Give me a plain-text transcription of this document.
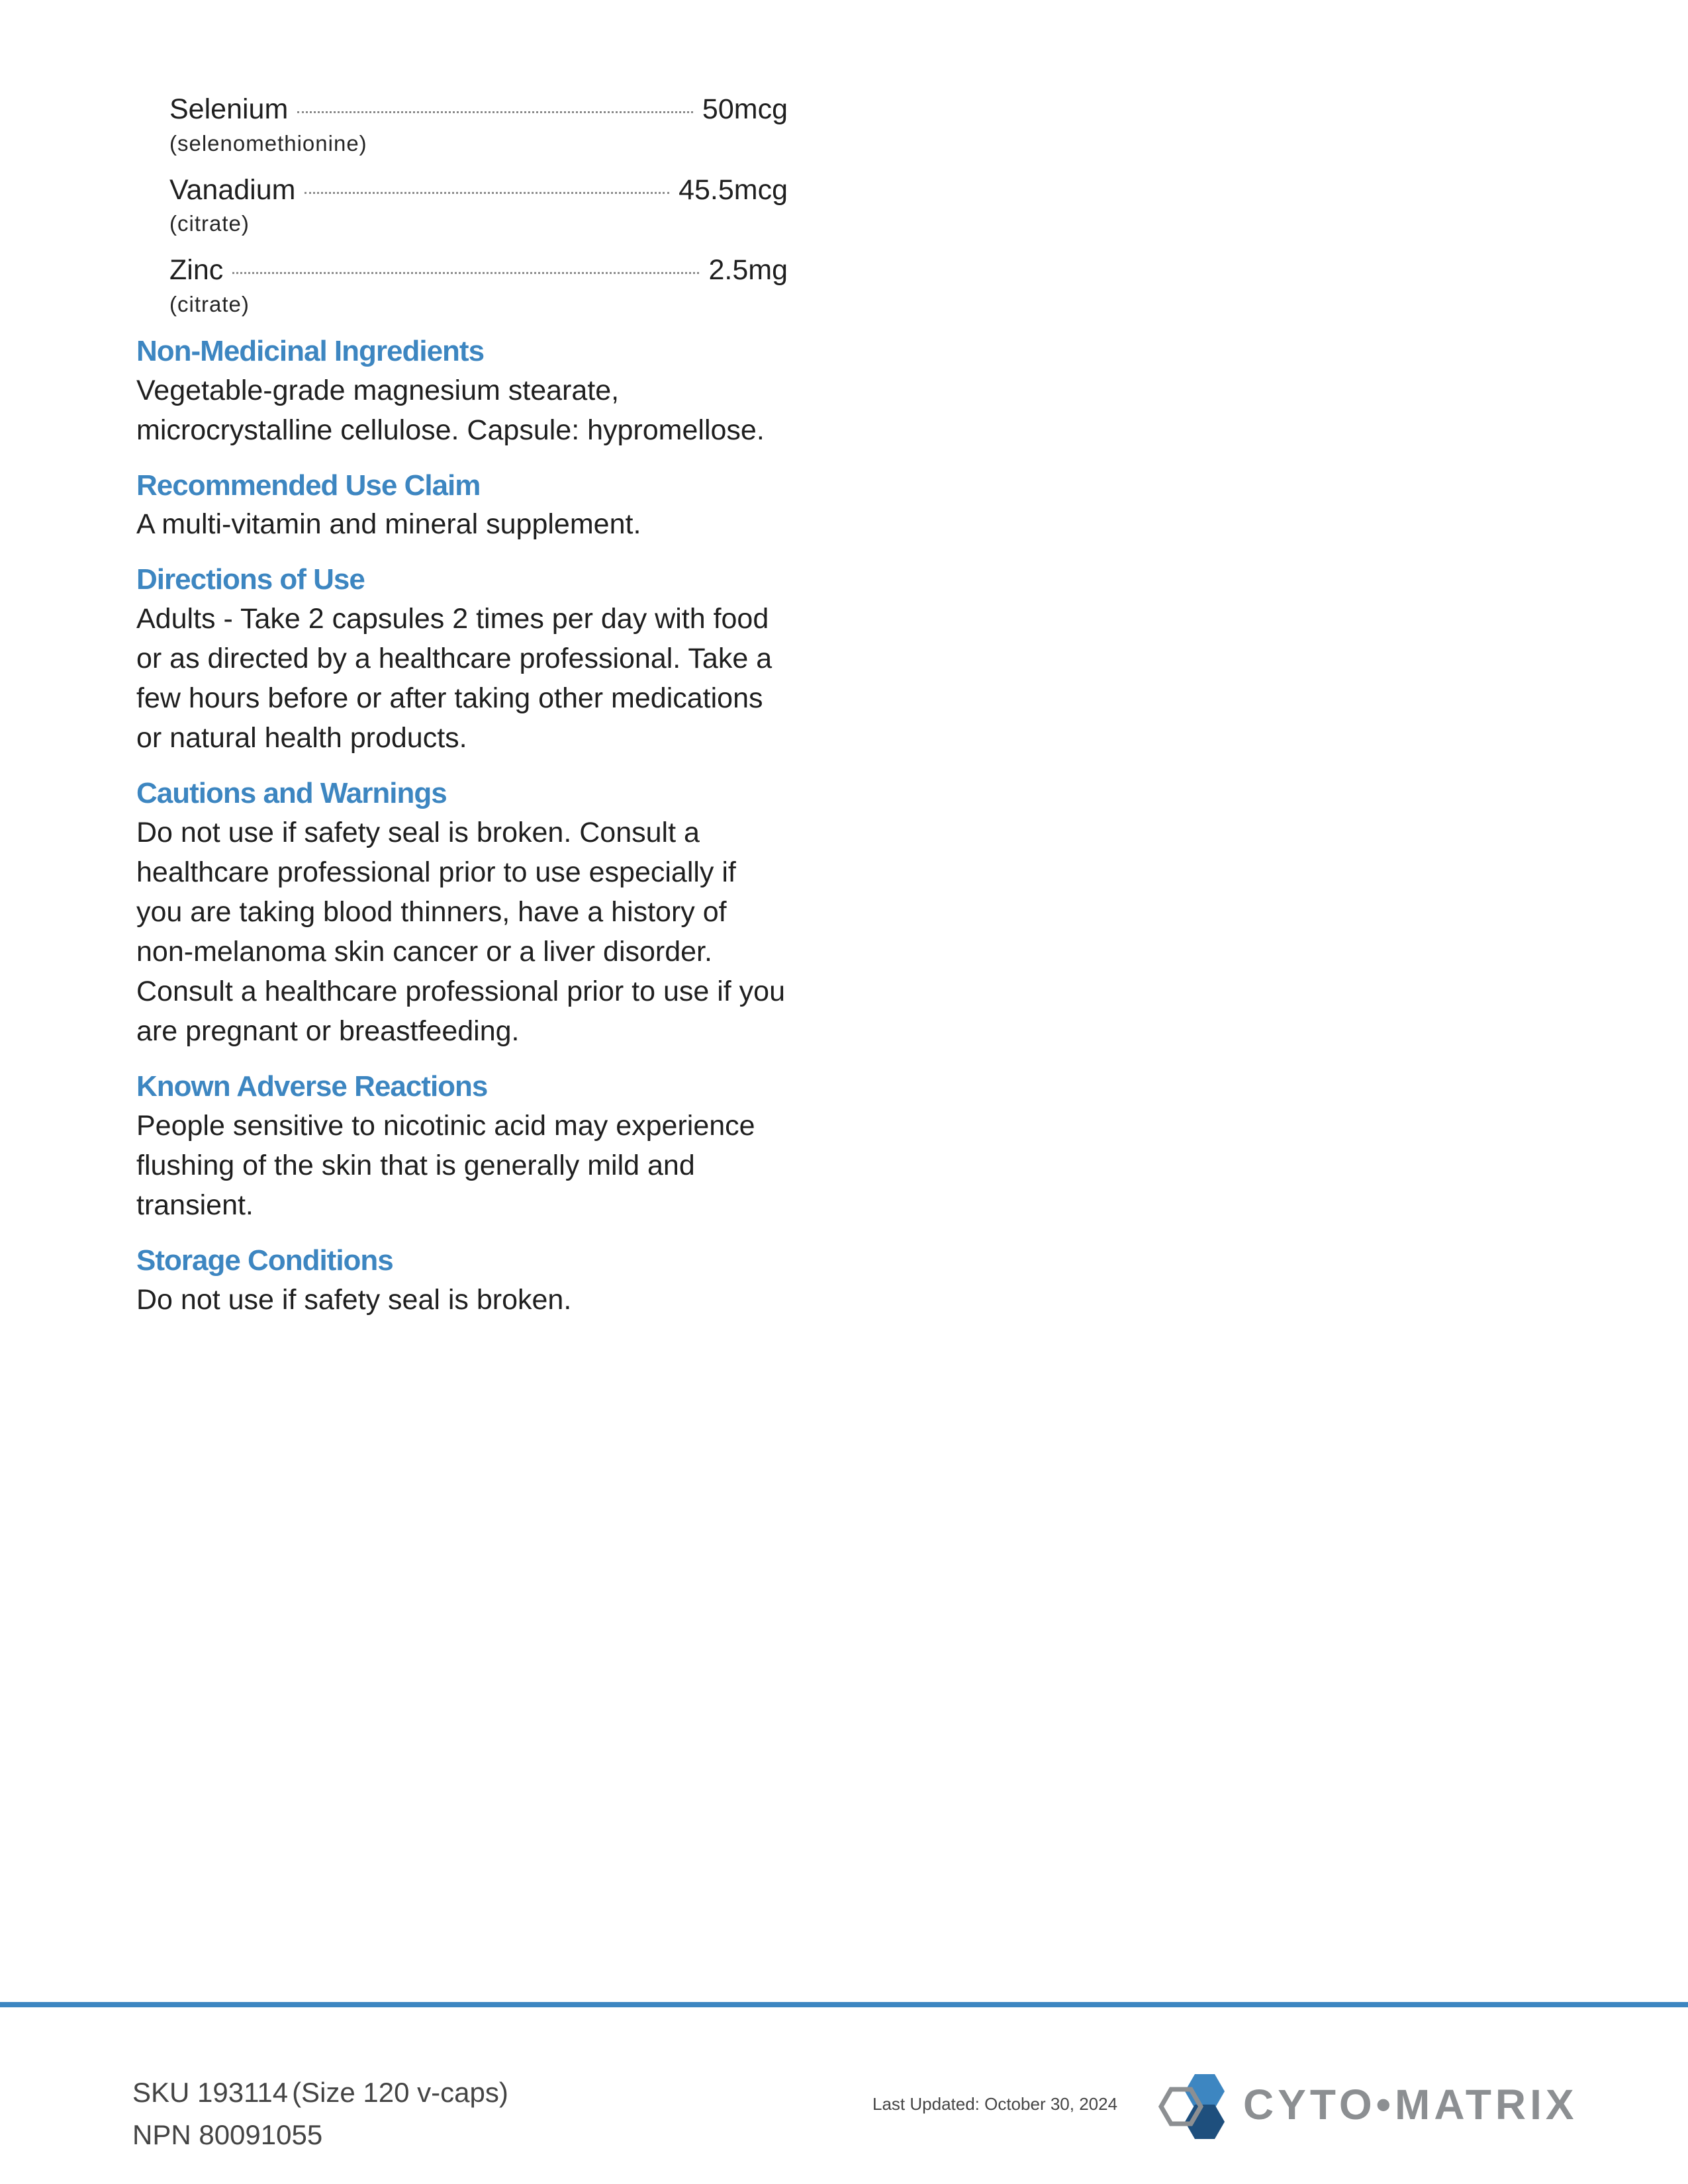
Selenium	50mcg
(selenomethionine)
Vanadium	45.5mcg
(citrate)
Zinc	2.5mg
(citrate)
Non-Medicinal Ingredients
Vegetable-grade magnesium stearate, microcrystalline cellulose. Capsule: hypromellose.
Recommended Use Claim
A multi-vitamin and mineral supplement.
Directions of Use
Adults - Take 2 capsules 2 times per day with food or as directed by a healthcare professional. Take a few hours before or after taking other medications or natural health products.
Cautions and Warnings
Do not use if safety seal is broken. Consult a healthcare professional prior to use especially if you are taking blood thinners, have a history of non-melanoma skin cancer or a liver disorder. Consult a healthcare professional prior to use if you are pregnant or breastfeeding.
Known Adverse Reactions
People sensitive to nicotinic acid may experience flushing of the skin that is generally mild and transient.
Storage Conditions
Do not use if safety seal is broken.
SKU 193114 (Size 120 v-caps)
NPN 80091055
Last Updated: October 30, 2024	CYTO•MATRIX
